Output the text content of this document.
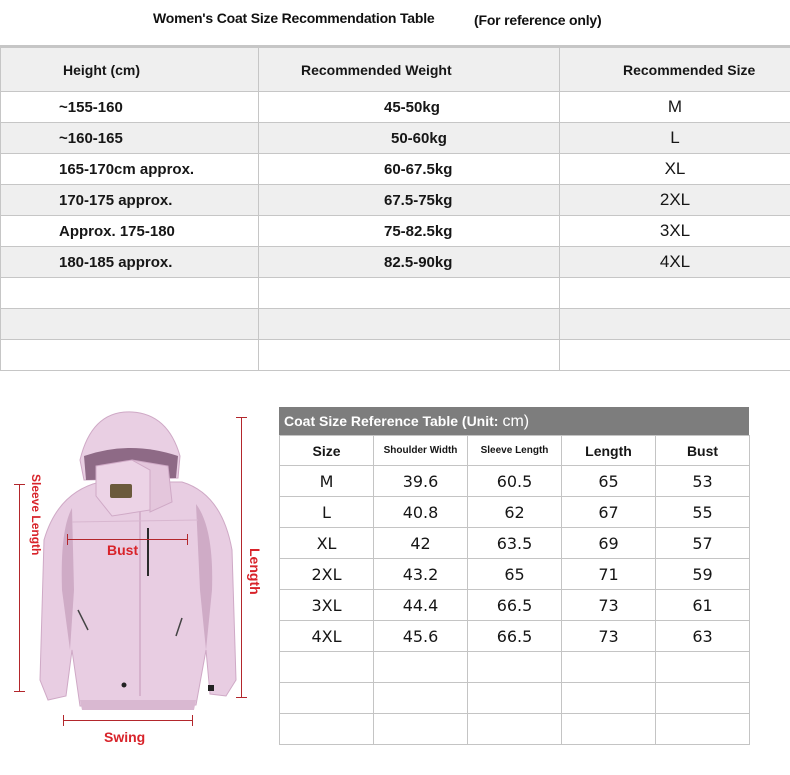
Women's Coat Size Recommendation Table	(For reference only)
Height (cm)	Recommended Weight	Recommended Size
~155-160	45-50kg	M
~160-165	50-60kg	L
165-170cm approx.	60-67.5kg	XL
170-175 approx.	67.5-75kg	2XL
Approx. 175-180	75-82.5kg	3XL
180-185 approx.	82.5-90kg	4XL

Sleeve Length	Bust	Length
Swing
Coat Size Reference Table (Unit: cm)
Size	Shoulder Width	Sleeve Length	Length	Bust
M	39.6	60.5	65	53
L	40.8	62	67	55
XL	42	63.5	69	57
2XL	43.2	65	71	59
3XL	44.4	66.5	73	61
4XL	45.6	66.5	73	63
